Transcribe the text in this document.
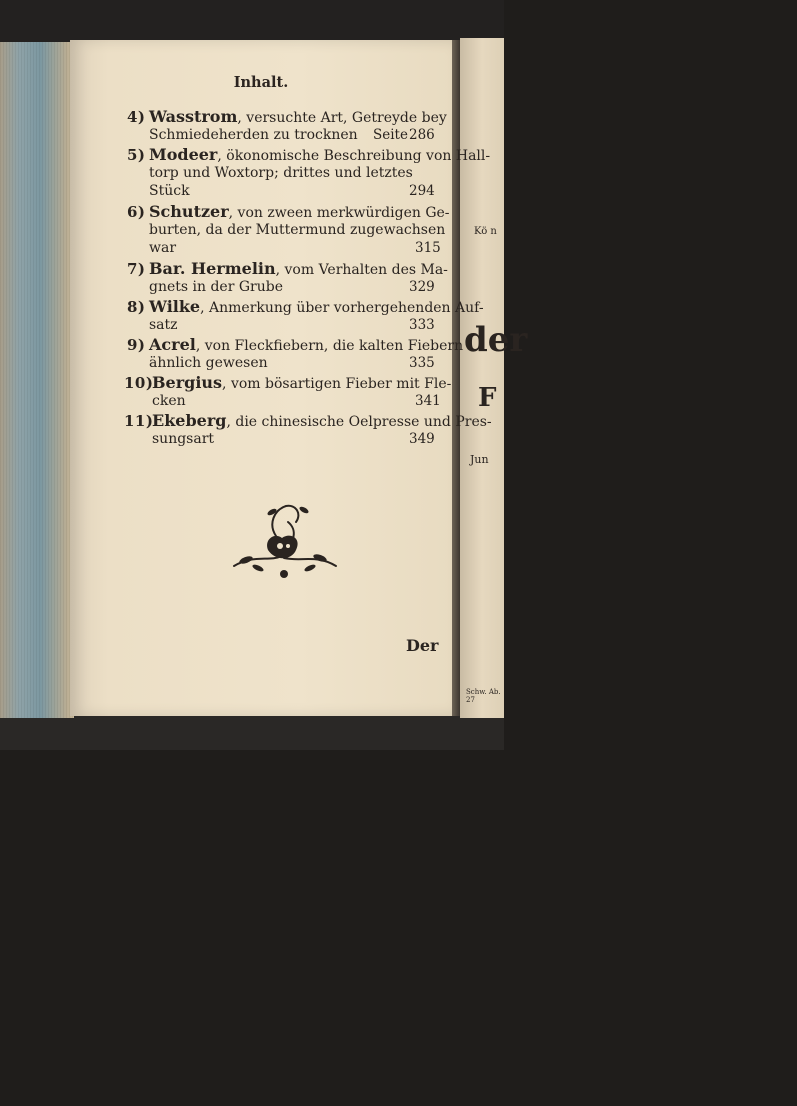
Kö n
der
F
Jun
Schw. Ab. 27
Inhalt.
4) Wasstrom, versuchte Art, Getreyde bey
Schmiedeherden zu trocknen Seite 286
5) Modeer, ökonomische Beschreibung von Hall-
torp und Woxtorp; drittes und letztes
Stück	294
6) Schutzer, von zween merkwürdigen Ge-
burten, da der Muttermund zugewachsen
war	315
7) Bar. Hermelin, vom Verhalten des Ma-
gnets in der Grube	329
8) Wilke, Anmerkung über vorhergehenden Auf-
satz	333
9) Acrel, von Fleckfiebern, die kalten Fiebern
ähnlich gewesen	335
10)
Bergius, vom bösartigen Fieber mit Fle-
cken	341
11)
Ekeberg, die chinesische Oelpresse und Pres-
sungsart	349
Der
